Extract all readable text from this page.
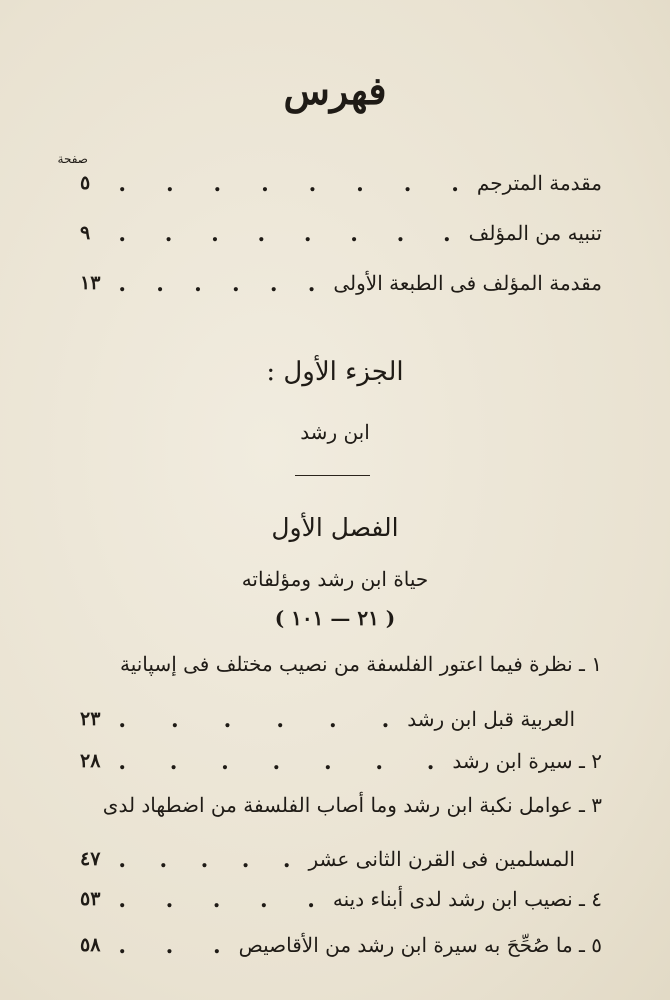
فهرس
صفحة
مقدمة المترجم
.
.
.
.
.
.
.
.
٥
تنبيه من المؤلف
.
.
.
.
.
.
.
.
٩
مقدمة المؤلف فى الطبعة الأولى
.
.
.
.
.
.
١٣
الجزء الأول :
ابن رشد
الفصل الأول
حياة ابن رشد ومؤلفاته
( ٢١ — ١٠١ )
١ ـ نظرة فيما اعتور الفلسفة من نصيب مختلف فى إسپانية
العربية قبل ابن رشد
.
.
.
.
.
.
٢٣
٢ ـ سيرة ابن رشد
.
.
.
.
.
.
.
٢٨
٣ ـ عوامل نكبة ابن رشد وما أصاب الفلسفة من اضطهاد لدى
المسلمين فى القرن الثانى عشر
.
.
.
.
.
٤٧
٤ ـ نصيب ابن رشد لدى أبناء دينه
.
.
.
.
.
٥٣
٥ ـ ما صُحِّحَ به سيرة ابن رشد من الأقاصيص
.
.
.
٥٨
